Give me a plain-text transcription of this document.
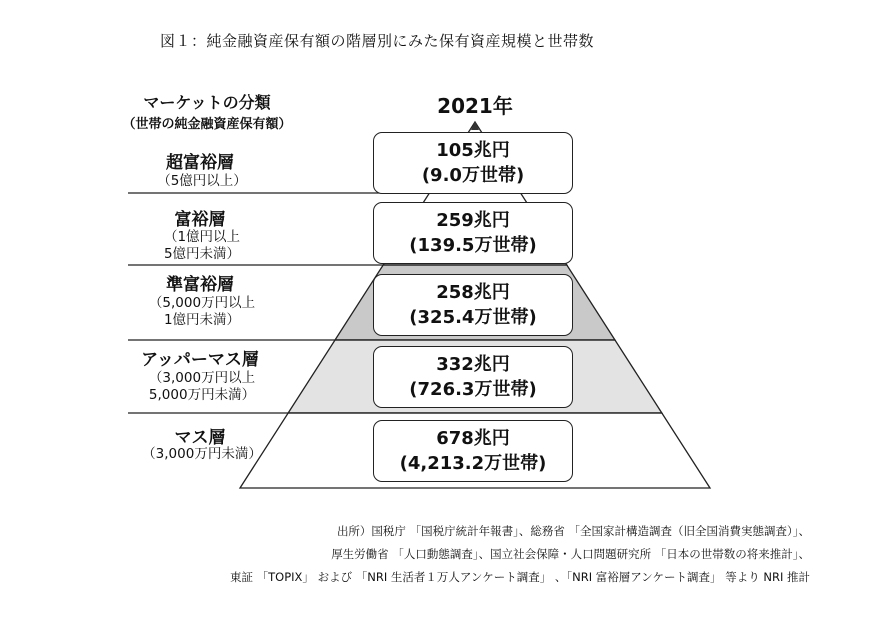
図１：純金融資産保有額の階層別にみた保有資産規模と世帯数
マーケットの分類
（世帯の純金融資産保有額）
2021年
超富裕層
（5億円以上）
105兆円
(9.0万世帯)
富裕層
（1億円以上
5億円未満）
259兆円
(139.5万世帯)
準富裕層
（5,000万円以上
1億円未満）
258兆円
(325.4万世帯)
アッパーマス層
（3,000万円以上
5,000万円未満）
332兆円
(726.3万世帯)
マス層
（3,000万円未満）
678兆円
(4,213.2万世帯)
出所）国税庁 「国税庁統計年報書」、総務省 「全国家計構造調査（旧全国消費実態調査）」、
厚生労働省 「人口動態調査」、国立社会保障・人口問題研究所 「日本の世帯数の将来推計」、
東証 「TOPIX」 および 「NRI 生活者１万人アンケート調査」 、「NRI 富裕層アンケート調査」 等より NRI 推計
